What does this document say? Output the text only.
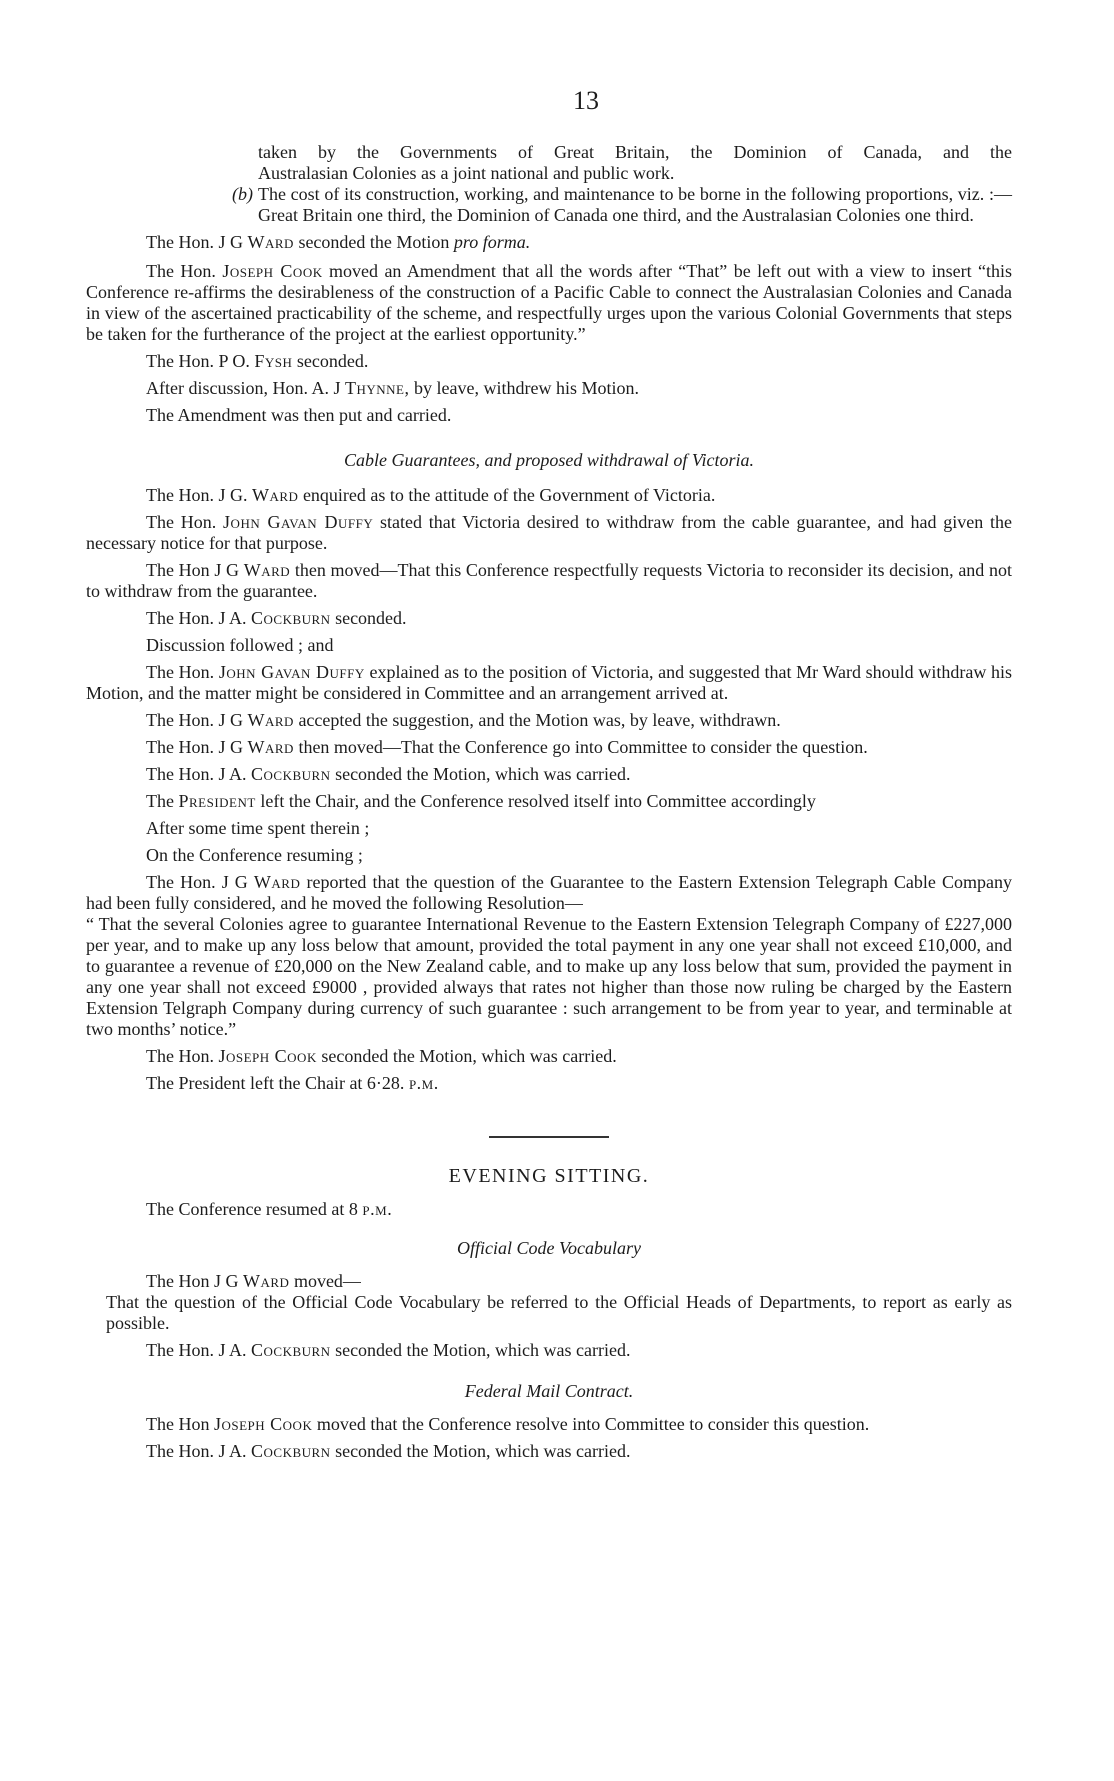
13

taken by the Governments of Great Britain, the Dominion of Canada, and the

Australasian Colonies as a joint national and public work.

(b) The cost of its construction, working, and maintenance to be borne in the following proportions, viz. :—Great Britain one third, the Dominion of Canada one third, and the Australasian Colonies one third.

The Hon. J G Ward seconded the Motion pro forma.

The Hon. Joseph Cook moved an Amendment that all the words after “That” be left out with a view to insert “this Conference re-affirms the desirableness of the construction of a Pacific Cable to connect the Australasian Colonies and Canada in view of the ascertained practicability of the scheme, and respectfully urges upon the various Colonial Governments that steps be taken for the furtherance of the project at the earliest opportunity.”

The Hon. P O. Fysh seconded.

After discussion, Hon. A. J Thynne, by leave, withdrew his Motion.

The Amendment was then put and carried.

Cable Guarantees, and proposed withdrawal of Victoria.

The Hon. J G. Ward enquired as to the attitude of the Government of Victoria.

The Hon. John Gavan Duffy stated that Victoria desired to withdraw from the cable guarantee, and had given the necessary notice for that purpose.

The Hon J G Ward then moved—That this Conference respectfully requests Victoria to reconsider its decision, and not to withdraw from the guarantee.

The Hon. J A. Cockburn seconded.

Discussion followed ; and

The Hon. John Gavan Duffy explained as to the position of Victoria, and suggested that Mr Ward should withdraw his Motion, and the matter might be considered in Committee and an arrangement arrived at.

The Hon. J G Ward accepted the suggestion, and the Motion was, by leave, withdrawn.

The Hon. J G Ward then moved—That the Conference go into Committee to consider the question.

The Hon. J A. Cockburn seconded the Motion, which was carried.

The President left the Chair, and the Conference resolved itself into Committee accordingly

After some time spent therein ;

On the Conference resuming ;

The Hon. J G Ward reported that the question of the Guarantee to the Eastern Extension Telegraph Cable Company had been fully considered, and he moved the following Resolution—

“ That the several Colonies agree to guarantee International Revenue to the Eastern Extension Telegraph Company of £227,000 per year, and to make up any loss below that amount, provided the total payment in any one year shall not exceed £10,000, and to guarantee a revenue of £20,000 on the New Zealand cable, and to make up any loss below that sum, provided the payment in any one year shall not exceed £9000 , provided always that rates not higher than those now ruling be charged by the Eastern Extension Telgraph Company during currency of such guarantee : such arrangement to be from year to year, and terminable at two months’ notice.”

The Hon. Joseph Cook seconded the Motion, which was carried.

The President left the Chair at 6·28. p.m.

EVENING SITTING.

The Conference resumed at 8 p.m.

Official Code Vocabulary

The Hon J G Ward moved—

That the question of the Official Code Vocabulary be referred to the Official Heads of Departments, to report as early as possible.

The Hon. J A. Cockburn seconded the Motion, which was carried.

Federal Mail Contract.

The Hon Joseph Cook moved that the Conference resolve into Committee to consider this question.

The Hon. J A. Cockburn seconded the Motion, which was carried.
